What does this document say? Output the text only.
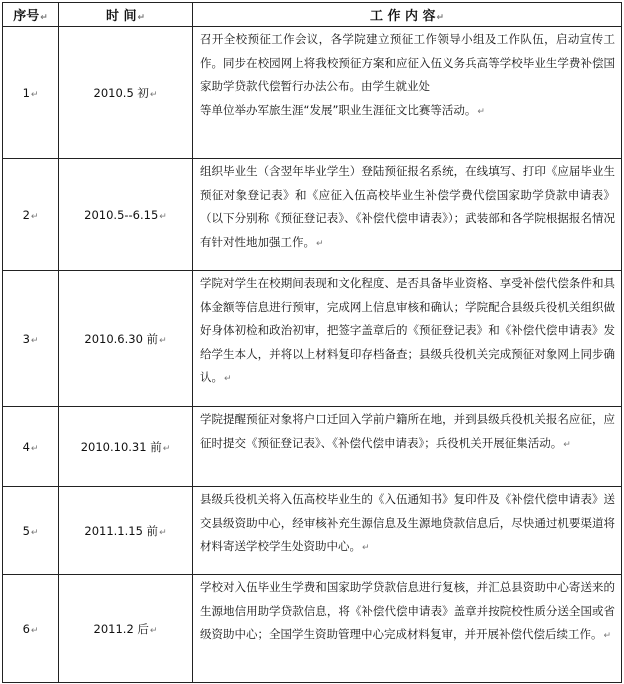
序号↵	时 间↵	工 作 内 容↵
1↵	2010.5 初↵	召开全校预征工作会议，各学院建立预征工作领导小组及工作队伍，启动宣传工作。同步在校园网上将我校预征方案和应征入伍义务兵高等学校毕业生学费补偿国家助学贷款代偿暂行办法公布。由学生就业处
等单位举办军旅生涯“发展”职业生涯征文比赛等活动。↵

2↵	2010.5--6.15↵	组织毕业生（含翌年毕业学生）登陆预征报名系统，在线填写、打印《应届毕业生预征对象登记表》和《应征入伍高校毕业生补偿学费代偿国家助学贷款申请表》（以下分别称《预征登记表》、《补偿代偿申请表》）；武装部和各学院根据报名情况有针对性地加强工作。↵

3↵	2010.6.30 前↵	学院对学生在校期间表现和文化程度、是否具备毕业资格、享受补偿代偿条件和具体金额等信息进行预审，完成网上信息审核和确认；学院配合县级兵役机关组织做好身体初检和政治初审，把签字盖章后的《预征登记表》和《补偿代偿申请表》发给学生本人，并将以上材料复印存档备查；县级兵役机关完成预征对象网上同步确认。↵

4↵	2010.10.31 前↵	学院提醒预征对象将户口迁回入学前户籍所在地，并到县级兵役机关报名应征，应征时提交《预征登记表》、《补偿代偿申请表》；兵役机关开展征集活动。↵

5↵	2011.1.15 前↵	县级兵役机关将入伍高校毕业生的《入伍通知书》复印件及《补偿代偿申请表》送交县级资助中心，经审核补充生源信息及生源地贷款信息后，尽快通过机要渠道将材料寄送学校学生处资助中心。↵

6↵	2011.2 后↵	学校对入伍毕业生学费和国家助学贷款信息进行复核，并汇总县资助中心寄送来的生源地信用助学贷款信息，将《补偿代偿申请表》盖章并按院校性质分送全国或省级资助中心；全国学生资助管理中心完成材料复审，并开展补偿代偿后续工作。↵
